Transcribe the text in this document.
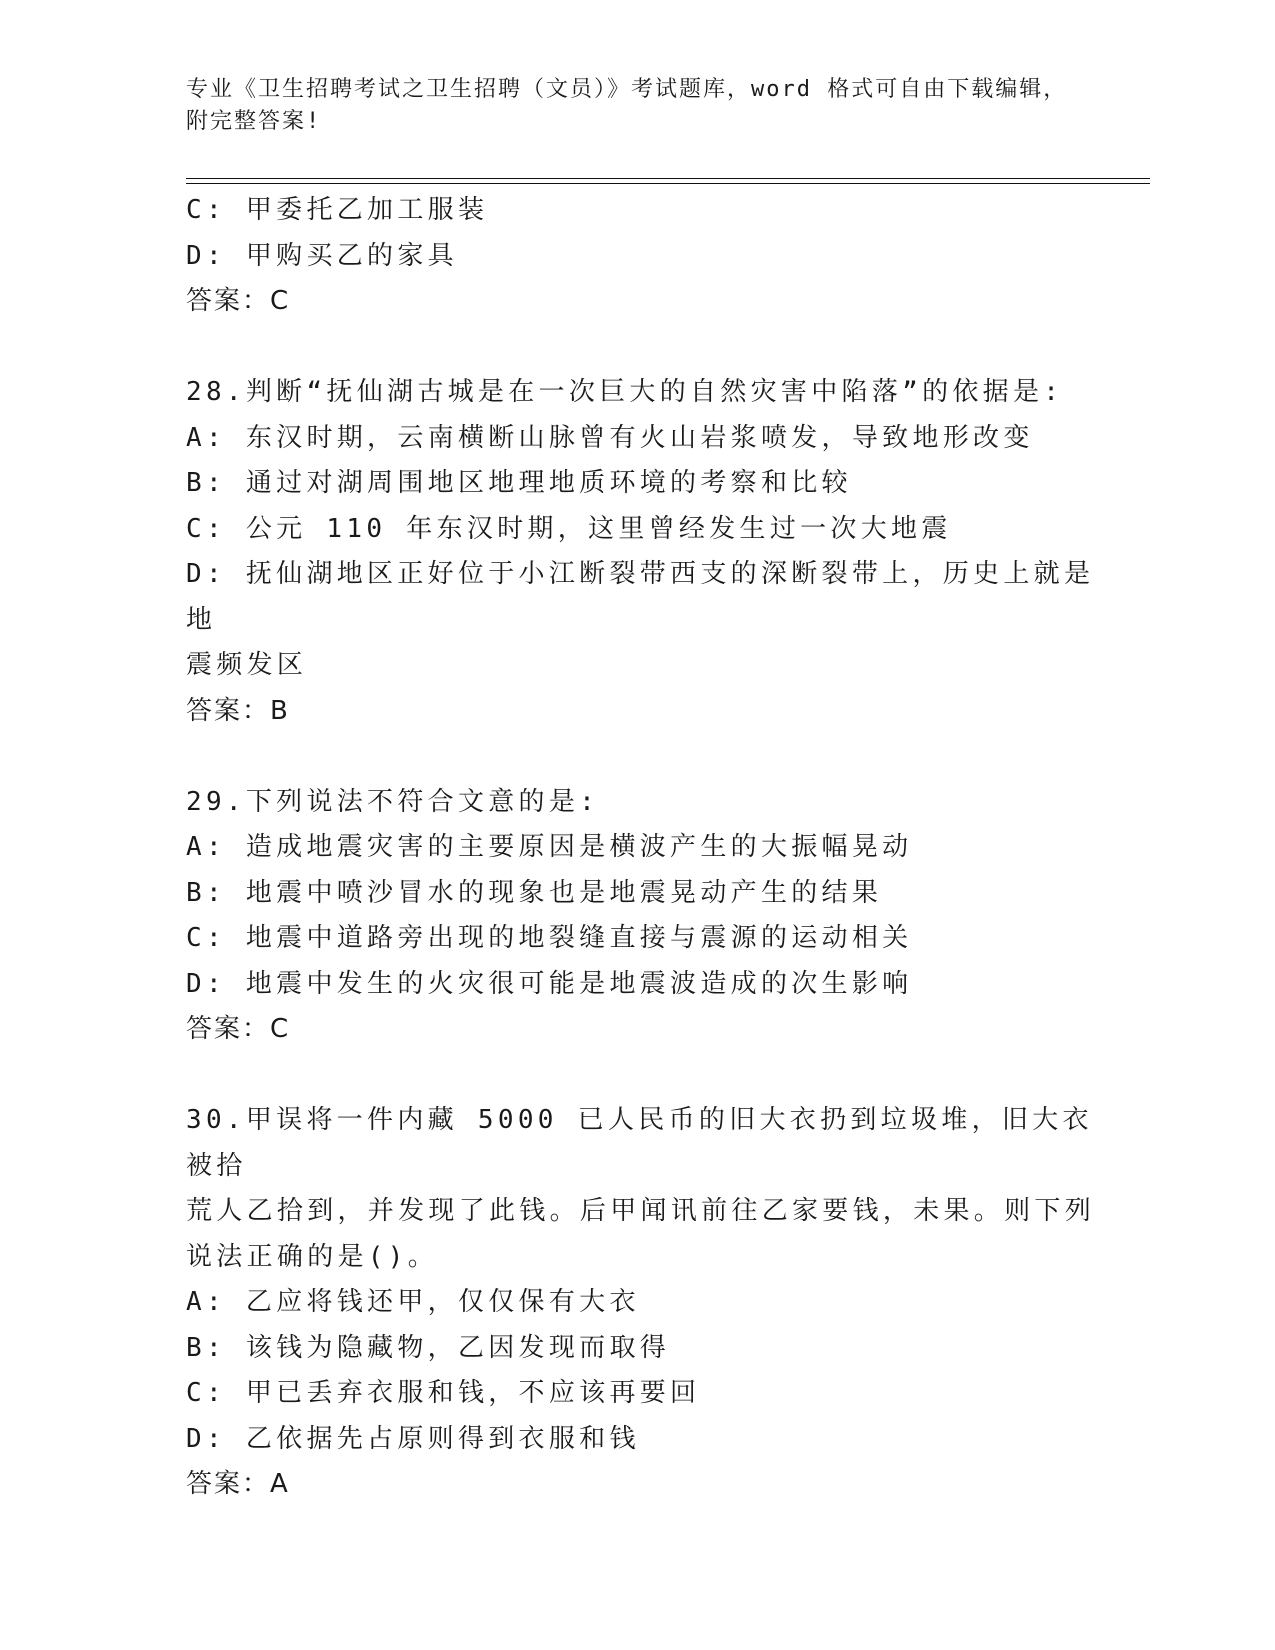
专业《卫生招聘考试之卫生招聘（文员）》考试题库，word 格式可自由下载编辑，附完整答案!

C: 甲委托乙加工服装

D: 甲购买乙的家具

答案：C

28.判断“抚仙湖古城是在一次巨大的自然灾害中陷落”的依据是:

A: 东汉时期，云南横断山脉曾有火山岩浆喷发，导致地形改变

B: 通过对湖周围地区地理地质环境的考察和比较

C: 公元 110 年东汉时期，这里曾经发生过一次大地震

D: 抚仙湖地区正好位于小江断裂带西支的深断裂带上，历史上就是地

震频发区

答案：B

29.下列说法不符合文意的是:

A: 造成地震灾害的主要原因是横波产生的大振幅晃动

B: 地震中喷沙冒水的现象也是地震晃动产生的结果

C: 地震中道路旁出现的地裂缝直接与震源的运动相关

D: 地震中发生的火灾很可能是地震波造成的次生影响

答案：C

30.甲误将一件内藏 5000 已人民币的旧大衣扔到垃圾堆，旧大衣被拾

荒人乙拾到，并发现了此钱。后甲闻讯前往乙家要钱，未果。则下列

说法正确的是()。

A: 乙应将钱还甲，仅仅保有大衣

B: 该钱为隐藏物，乙因发现而取得

C: 甲已丢弃衣服和钱，不应该再要回

D: 乙依据先占原则得到衣服和钱

答案：A
